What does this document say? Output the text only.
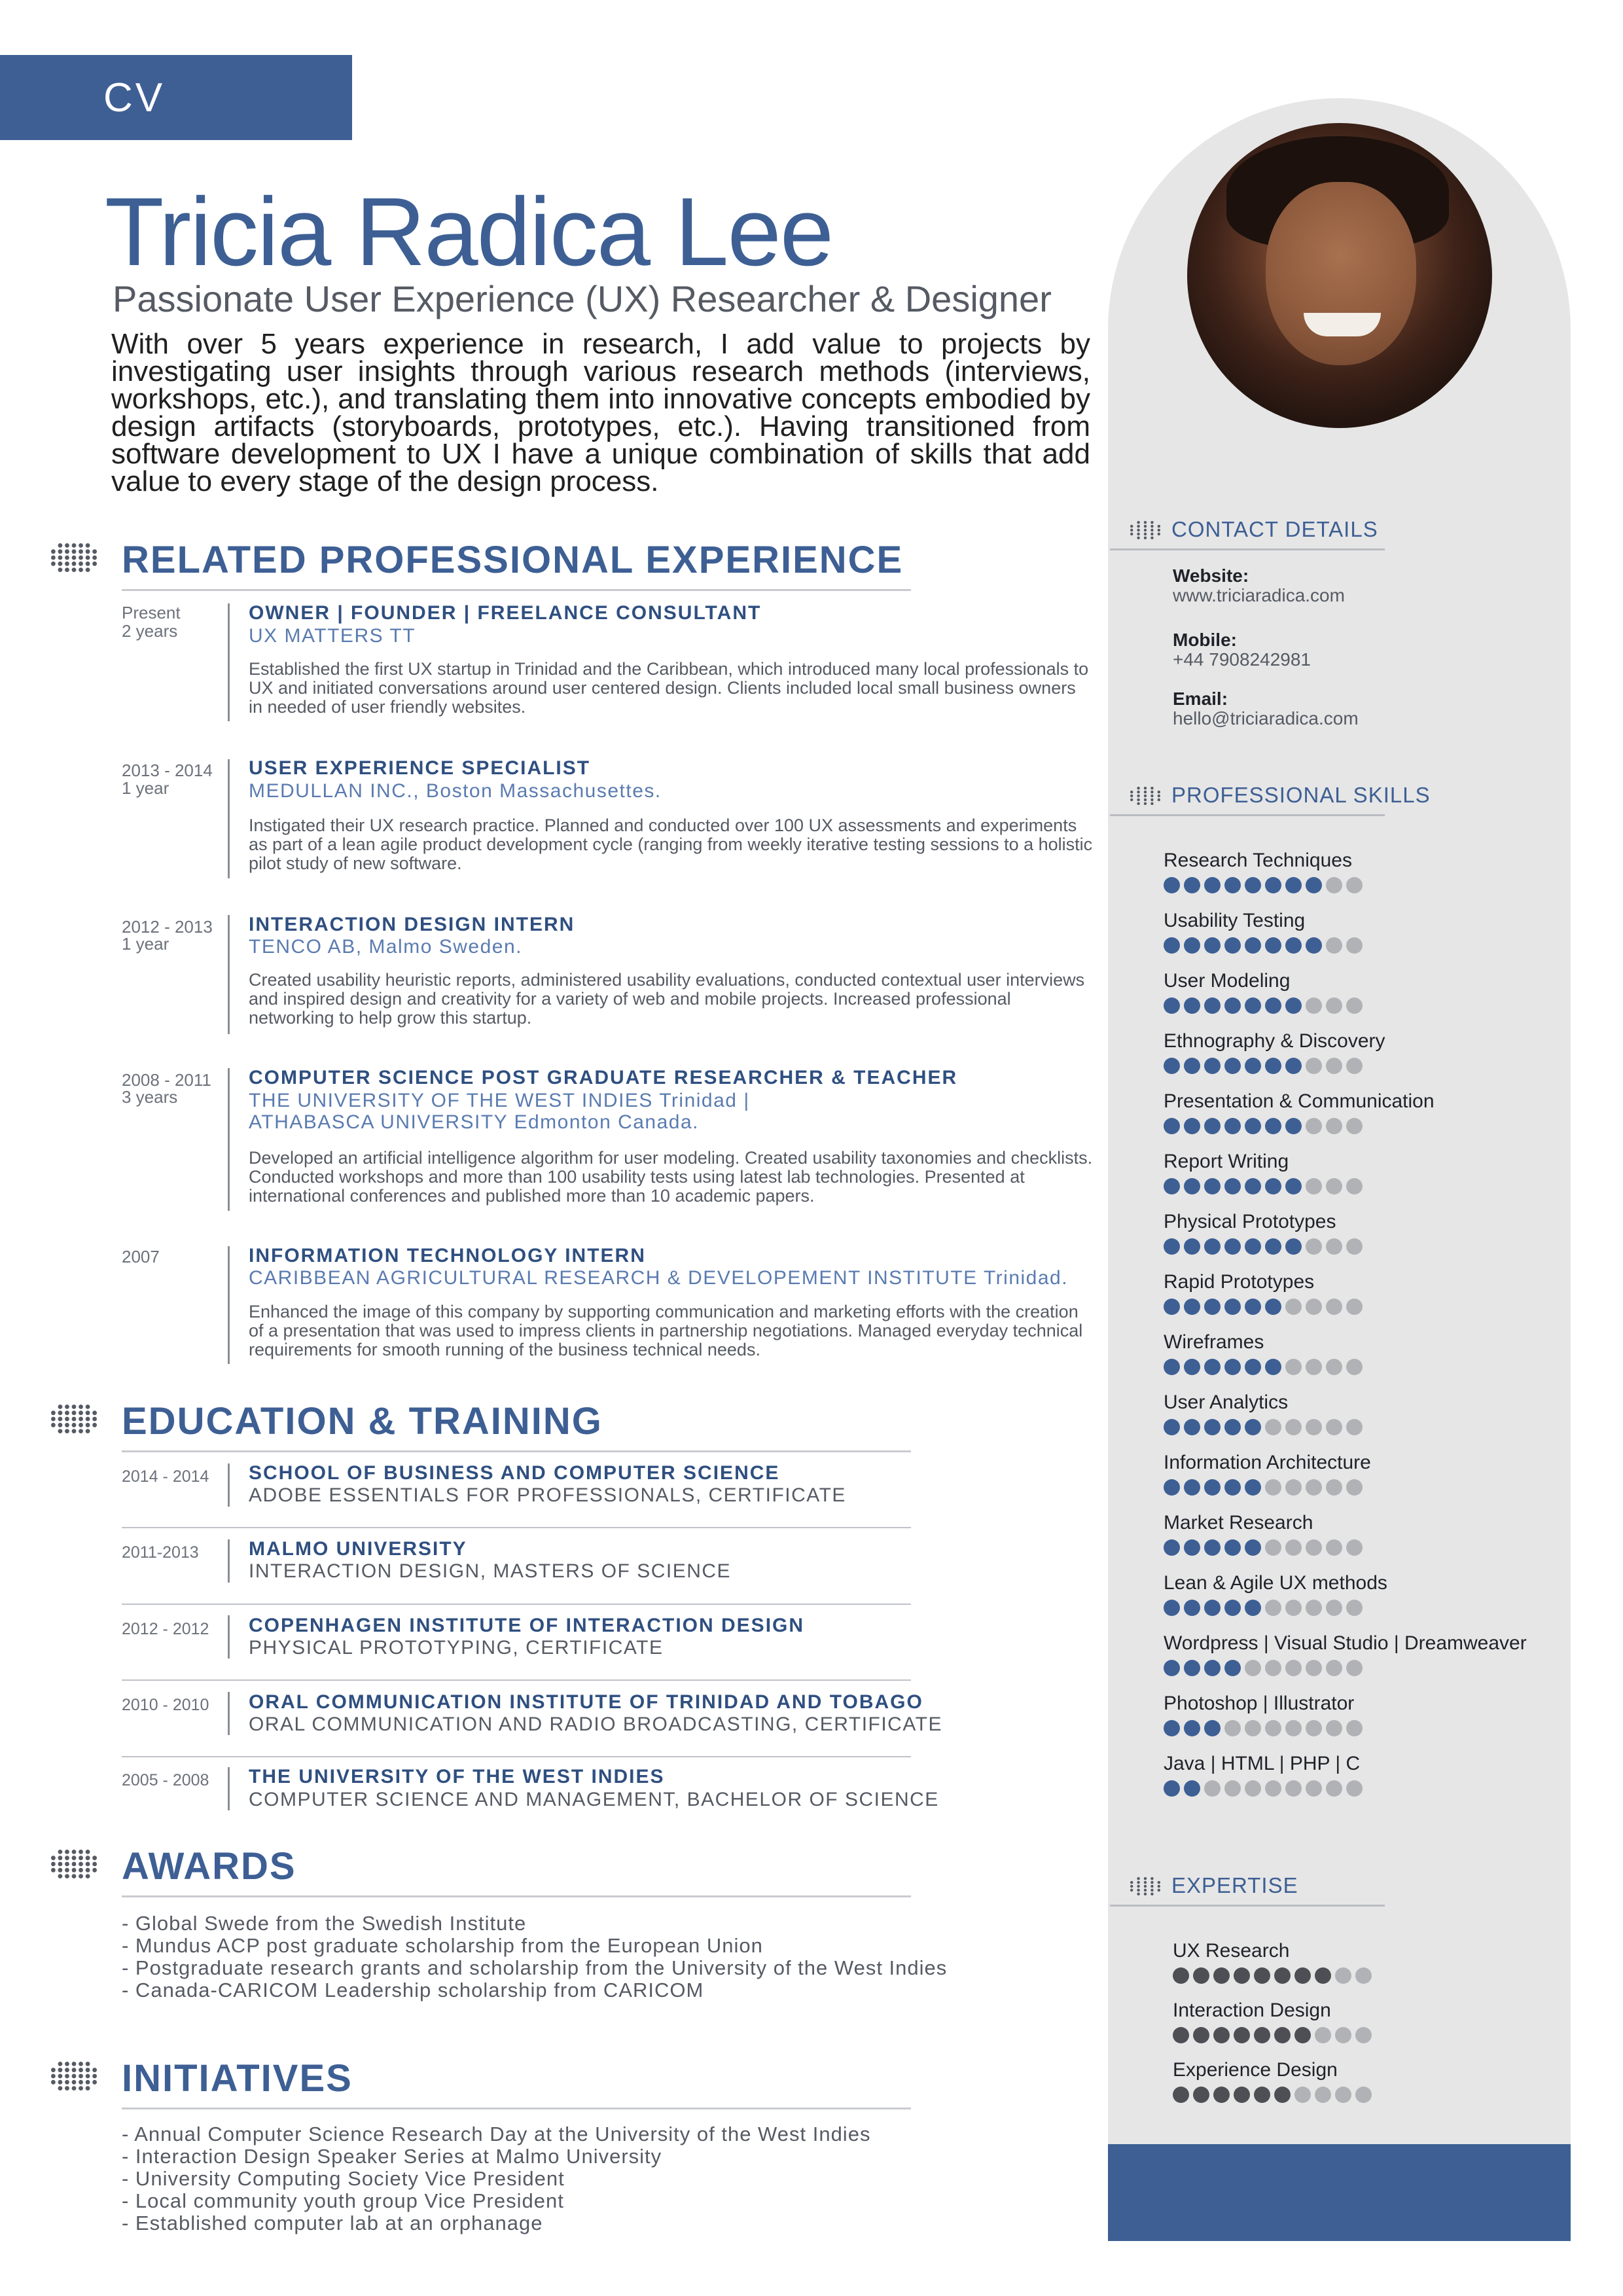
CV
Tricia Radica Lee
Passionate User Experience (UX) Researcher & Designer
With over 5 years experience in research, I add value to projects by investigating user insights through various research methods (interviews, workshops, etc.), and translating them into innovative concepts embodied by design artifacts (storyboards, prototypes, etc.). Having transitioned from software development to UX I have a unique combination of skills that add value to every stage of the design process.
RELATED PROFESSIONAL EXPERIENCE
Present
2 years
OWNER | FOUNDER | FREELANCE CONSULTANT
UX MATTERS TT
Established the first UX startup in Trinidad and the Caribbean, which introduced many local professionals to UX and initiated conversations around user centered design. Clients included local small business owners in needed of user friendly websites.
2013 - 2014
1 year
USER EXPERIENCE SPECIALIST
MEDULLAN INC., Boston Massachusettes.
Instigated their UX research practice. Planned and conducted over 100 UX assessments and experiments as part of a lean agile product development cycle (ranging from weekly iterative testing sessions to a holistic pilot study of new software.
2012 - 2013
1 year
INTERACTION DESIGN INTERN
TENCO AB, Malmo Sweden.
Created usability heuristic reports, administered usability evaluations, conducted contextual user interviews and inspired design and creativity for a variety of web and mobile projects. Increased professional networking to help grow this startup.
2008 - 2011
3 years
COMPUTER SCIENCE POST GRADUATE RESEARCHER & TEACHER
THE UNIVERSITY OF THE WEST INDIES Trinidad |
ATHABASCA UNIVERSITY Edmonton Canada.
Developed an artificial intelligence algorithm for user modeling. Created usability taxonomies and checklists. Conducted workshops and more than 100 usability tests using latest lab technologies. Presented at international conferences and published more than 10 academic papers.
2007	INFORMATION TECHNOLOGY INTERN
CARIBBEAN AGRICULTURAL RESEARCH & DEVELOPEMENT INSTITUTE Trinidad.
Enhanced the image of this company by supporting communication and marketing efforts with the creation of a presentation that was used to impress clients in partnership negotiations. Managed everyday technical requirements for smooth running of the business technical needs.
EDUCATION & TRAINING
2014 - 2014 SCHOOL OF BUSINESS AND COMPUTER SCIENCE
ADOBE ESSENTIALS FOR PROFESSIONALS, CERTIFICATE
2011-2013	MALMO UNIVERSITY
INTERACTION DESIGN, MASTERS OF SCIENCE
2012 - 2012 COPENHAGEN INSTITUTE OF INTERACTION DESIGN
PHYSICAL PROTOTYPING, CERTIFICATE
2010 - 2010 ORAL COMMUNICATION INSTITUTE OF TRINIDAD AND TOBAGO
ORAL COMMUNICATION AND RADIO BROADCASTING, CERTIFICATE
2005 - 2008 THE UNIVERSITY OF THE WEST INDIES
COMPUTER SCIENCE AND MANAGEMENT, BACHELOR OF SCIENCE
AWARDS
- Global Swede from the Swedish Institute
- Mundus ACP post graduate scholarship from the European Union
- Postgraduate research grants and scholarship from the University of the West Indies
- Canada-CARICOM Leadership scholarship from CARICOM
INITIATIVES
- Annual Computer Science Research Day at the University of the West Indies
- Interaction Design Speaker Series at Malmo University
- University Computing Society Vice President
- Local community youth group Vice President
- Established computer lab at an orphanage
CONTACT DETAILS
Website:
www.triciaradica.com
Mobile:
+44 7908242981
Email:
hello@triciaradica.com
PROFESSIONAL SKILLS
Research Techniques
Usability Testing
User Modeling
Ethnography & Discovery
Presentation & Communication
Report Writing
Physical Prototypes
Rapid Prototypes
Wireframes
User Analytics
Information Architecture
Market Research
Lean & Agile UX methods
Wordpress | Visual Studio | Dreamweaver
Photoshop | Illustrator
Java | HTML | PHP | C
EXPERTISE
UX Research
Interaction Design
Experience Design
